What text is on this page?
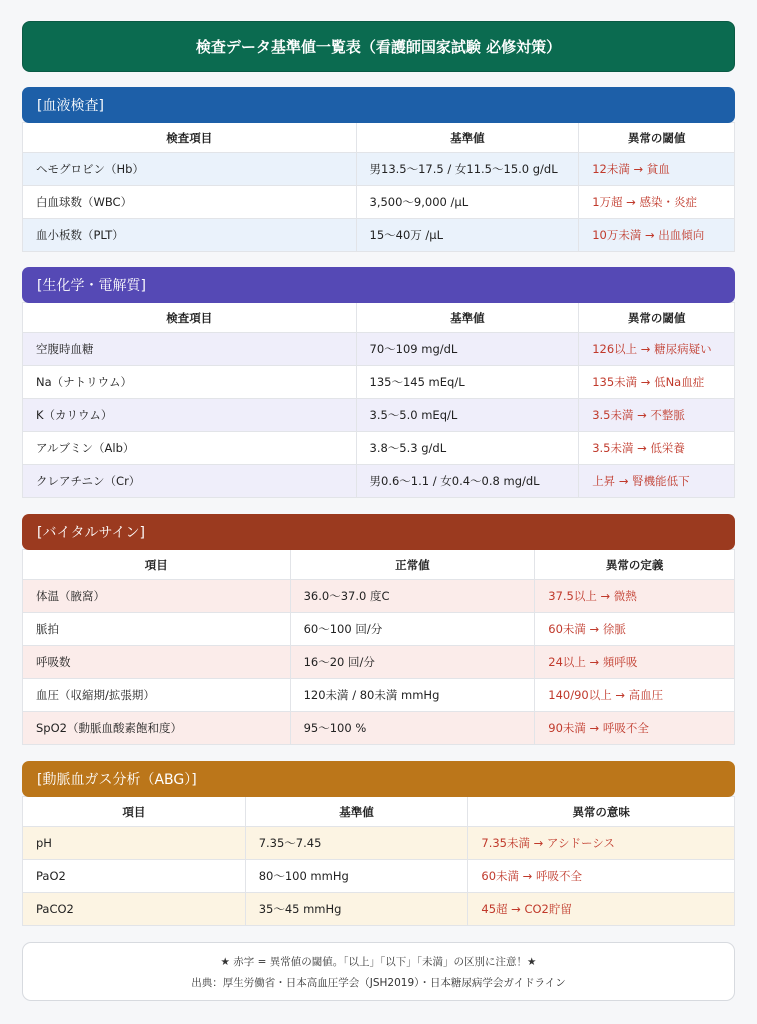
検査データ基準値一覧表（看護師国家試験 必修対策）
[血液検査]
検査項目	基準値	異常の閾値
ヘモグロビン（Hb）	男13.5〜17.5 / 女11.5〜15.0 g/dL	12未満 → 貧血
白血球数（WBC）	3,500〜9,000 /μL	1万超 → 感染・炎症
血小板数（PLT）	15〜40万 /μL	10万未満 → 出血傾向
[生化学・電解質]
検査項目	基準値	異常の閾値
空腹時血糖	70〜109 mg/dL	126以上 → 糖尿病疑い
Na（ナトリウム）	135〜145 mEq/L	135未満 → 低Na血症
K（カリウム）	3.5〜5.0 mEq/L	3.5未満 → 不整脈
アルブミン（Alb）	3.8〜5.3 g/dL	3.5未満 → 低栄養
クレアチニン（Cr）	男0.6〜1.1 / 女0.4〜0.8 mg/dL	上昇 → 腎機能低下
[バイタルサイン]
項目	正常値	異常の定義
体温（腋窩）	36.0〜37.0 度C	37.5以上 → 微熱
脈拍	60〜100 回/分	60未満 → 徐脈
呼吸数	16〜20 回/分	24以上 → 頻呼吸
血圧（収縮期/拡張期）	120未満 / 80未満 mmHg	140/90以上 → 高血圧
SpO2（動脈血酸素飽和度）	95〜100 %	90未満 → 呼吸不全
[動脈血ガス分析（ABG）]
項目	基準値	異常の意味
pH	7.35〜7.45	7.35未満 → アシドーシス
PaO2	80〜100 mmHg	60未満 → 呼吸不全
PaCO2	35〜45 mmHg	45超 → CO2貯留
★ 赤字 = 異常値の閾値。「以上」「以下」「未満」の区別に注意！★
出典：厚生労働省・日本高血圧学会（JSH2019）・日本糖尿病学会ガイドライン
